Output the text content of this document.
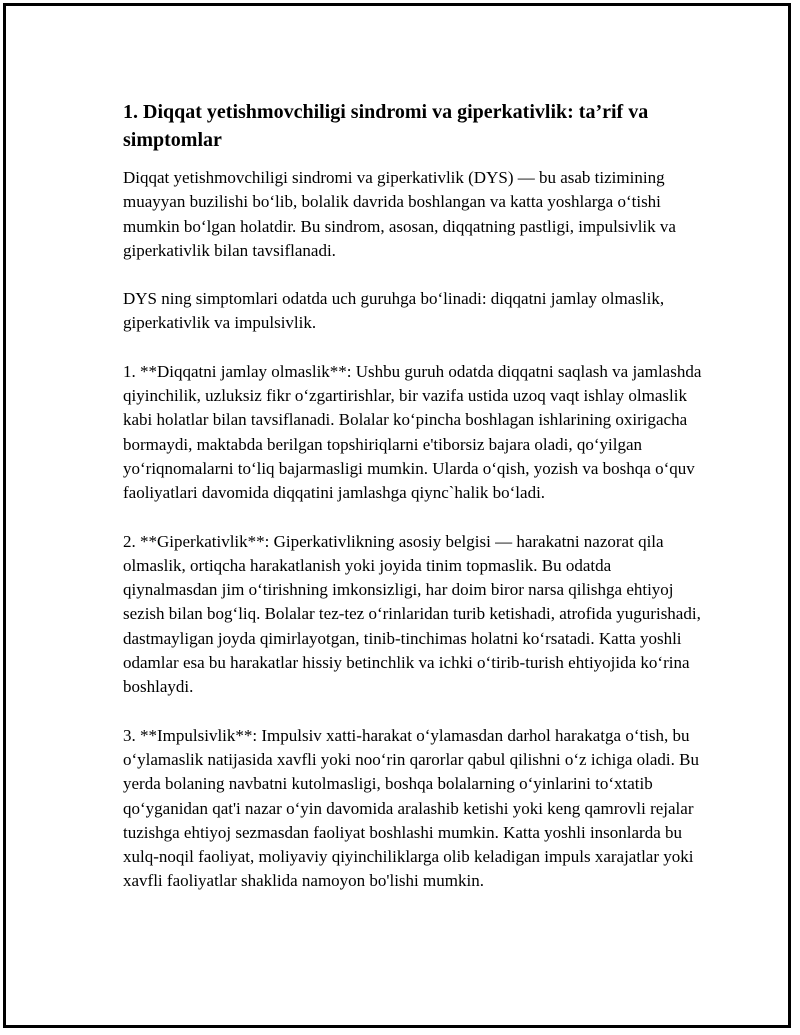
1. Diqqat yetishmovchiligi sindromi va giperkativlik: ta’rif va simptomlar

Diqqat yetishmovchiligi sindromi va giperkativlik (DYS) — bu asab tizimining muayyan buzilishi bo‘lib, bolalik davrida boshlangan va katta yoshlarga o‘tishi mumkin bo‘lgan holatdir. Bu sindrom, asosan, diqqatning pastligi, impulsivlik va giperkativlik bilan tavsiflanadi.

DYS ning simptomlari odatda uch guruhga bo‘linadi: diqqatni jamlay olmaslik, giperkativlik va impulsivlik.

1. **Diqqatni jamlay olmaslik**: Ushbu guruh odatda diqqatni saqlash va jamlashda qiyinchilik, uzluksiz fikr o‘zgartirishlar, bir vazifa ustida uzoq vaqt ishlay olmaslik kabi holatlar bilan tavsiflanadi. Bolalar ko‘pincha boshlagan ishlarining oxirigacha bormaydi, maktabda berilgan topshiriqlarni e'tiborsiz bajara oladi, qo‘yilgan yo‘riqnomalarni to‘liq bajarmasligi mumkin. Ularda o‘qish, yozish va boshqa o‘quv faoliyatlari davomida diqqatini jamlashga qiync`halik bo‘ladi.

2. **Giperkativlik**: Giperkativlikning asosiy belgisi — harakatni nazorat qila olmaslik, ortiqcha harakatlanish yoki joyida tinim topmaslik. Bu odatda qiynalmasdan jim o‘tirishning imkonsizligi, har doim biror narsa qilishga ehtiyoj sezish bilan bog‘liq. Bolalar tez-tez o‘rinlaridan turib ketishadi, atrofida yugurishadi, dastmayligan joyda qimirlayotgan, tinib-tinchimas holatni ko‘rsatadi. Katta yoshli odamlar esa bu harakatlar hissiy betinchlik va ichki o‘tirib-turish ehtiyojida ko‘rina boshlaydi.

3. **Impulsivlik**: Impulsiv xatti-harakat o‘ylamasdan darhol harakatga o‘tish, bu o‘ylamaslik natijasida xavfli yoki noo‘rin qarorlar qabul qilishni o‘z ichiga oladi. Bu yerda bolaning navbatni kutolmasligi, boshqa bolalarning o‘yinlarini to‘xtatib qo‘yganidan qat'i nazar o‘yin davomida aralashib ketishi yoki keng qamrovli rejalar tuzishga ehtiyoj sezmasdan faoliyat boshlashi mumkin. Katta yoshli insonlarda bu xulq-noqil faoliyat, moliyaviy qiyinchiliklarga olib keladigan impuls xarajatlar yoki xavfli faoliyatlar shaklida namoyon bo'lishi mumkin.
